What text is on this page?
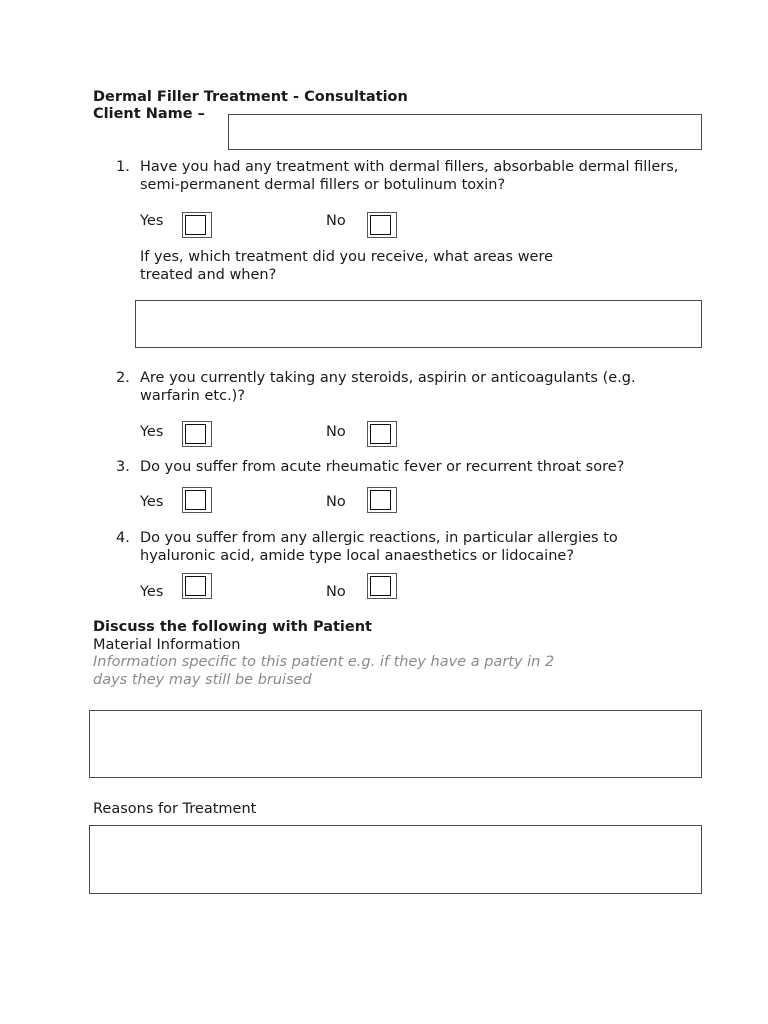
Dermal Filler Treatment - Consultation
Client Name –
1. Have you had any treatment with dermal fillers, absorbable dermal fillers, semi-permanent dermal fillers or botulinum toxin?
Yes	No
If yes, which treatment did you receive, what areas were treated and when?
2. Are you currently taking any steroids, aspirin or anticoagulants (e.g. warfarin etc.)?
Yes	No
3. Do you suffer from acute rheumatic fever or recurrent throat sore?
Yes	No
4. Do you suffer from any allergic reactions, in particular allergies to hyaluronic acid, amide type local anaesthetics or lidocaine?
Yes	No
Discuss the following with Patient
Material Information
Information specific to this patient e.g. if they have a party in 2 days they may still be bruised
Reasons for Treatment
